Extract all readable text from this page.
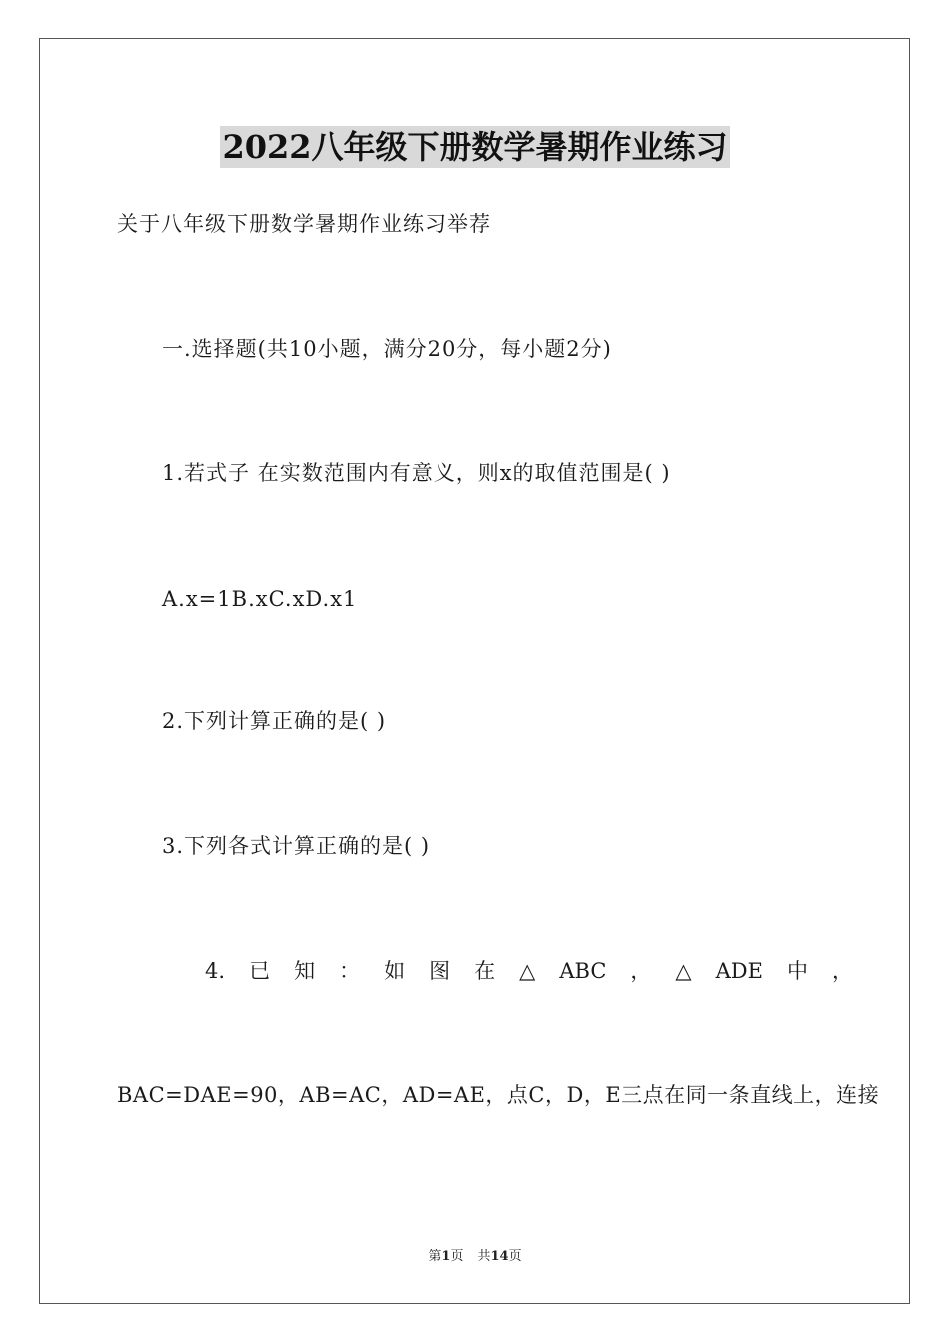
2022八年级下册数学暑期作业练习
关于八年级下册数学暑期作业练习举荐
一.选择题(共10小题，满分20分，每小题2分)
1.若式子 在实数范围内有意义，则x的取值范围是( )
A.x=1B.xC.xD.x1
2.下列计算正确的是( )
3.下列各式计算正确的是( )
4. 已 知 ： 如 图 在 △ ABC ， △ ADE 中 ，
BAC=DAE=90，AB=AC，AD=AE，点C，D，E三点在同一条直线上，连接
第1页 共14页
